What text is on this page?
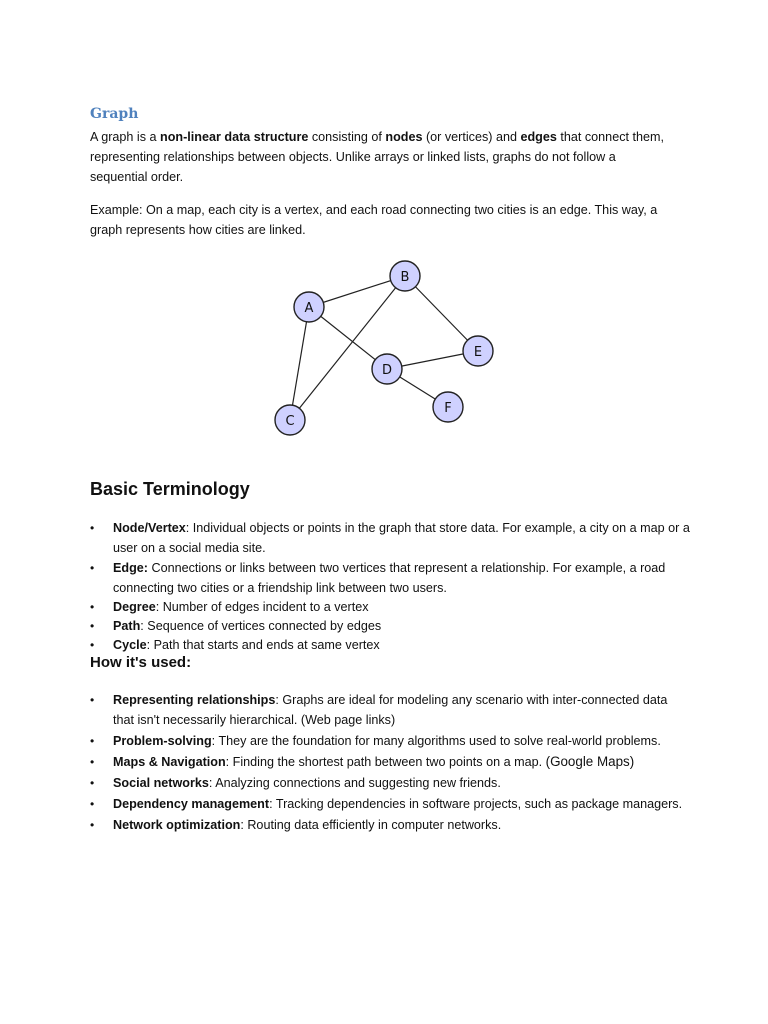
Graph
A graph is a non-linear data structure consisting of nodes (or vertices) and edges that connect them, representing relationships between objects. Unlike arrays or linked lists, graphs do not follow a sequential order.
Example: On a map, each city is a vertex, and each road connecting two cities is an edge. This way, a graph represents how cities are linked.
A
B
C
D
E
F
Basic Terminology
• Node/Vertex: Individual objects or points in the graph that store data. For example, a city on a map or a user on a social media site.
• Edge: Connections or links between two vertices that represent a relationship. For example, a road connecting two cities or a friendship link between two users.
• Degree: Number of edges incident to a vertex
• Path: Sequence of vertices connected by edges
• Cycle: Path that starts and ends at same vertex
How it's used:
• Representing relationships: Graphs are ideal for modeling any scenario with inter-connected data that isn't necessarily hierarchical. (Web page links)
• Problem-solving: They are the foundation for many algorithms used to solve real-world problems.
• Maps & Navigation: Finding the shortest path between two points on a map. (Google Maps)
• Social networks: Analyzing connections and suggesting new friends.
• Dependency management: Tracking dependencies in software projects, such as package managers.
• Network optimization: Routing data efficiently in computer networks.
